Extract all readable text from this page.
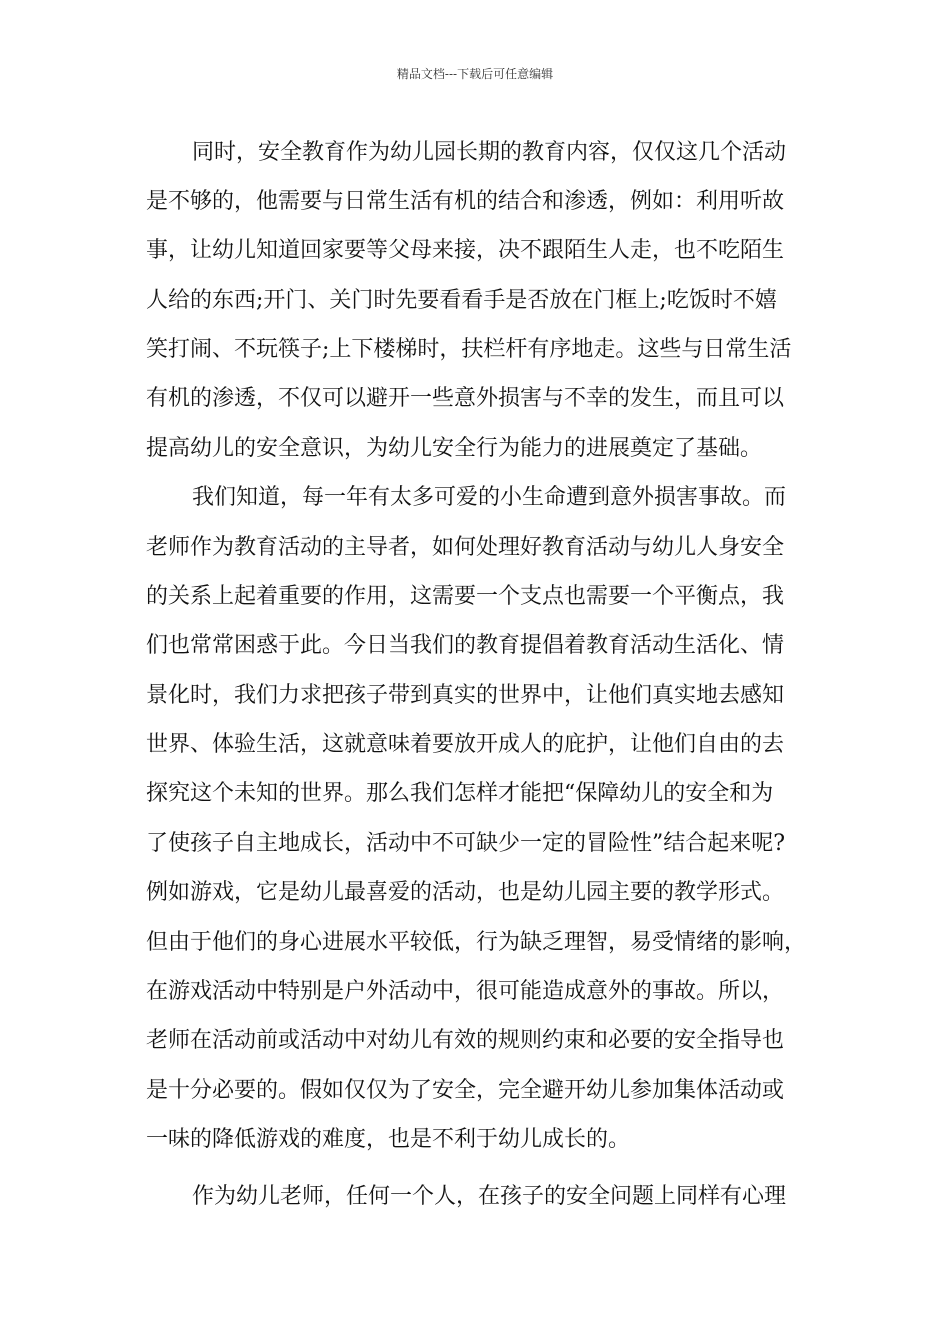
精品文档---下载后可任意编辑
同时，安全教育作为幼儿园长期的教育内容，仅仅这几个活动
是不够的，他需要与日常生活有机的结合和渗透，例如：利用听故
事，让幼儿知道回家要等父母来接，决不跟陌生人走，也不吃陌生
人给的东西;开门、关门时先要看看手是否放在门框上;吃饭时不嬉
笑打闹、不玩筷子;上下楼梯时，扶栏杆有序地走。这些与日常生活
有机的渗透，不仅可以避开一些意外损害与不幸的发生，而且可以
提高幼儿的安全意识，为幼儿安全行为能力的进展奠定了基础。
我们知道，每一年有太多可爱的小生命遭到意外损害事故。而
老师作为教育活动的主导者，如何处理好教育活动与幼儿人身安全
的关系上起着重要的作用，这需要一个支点也需要一个平衡点，我
们也常常困惑于此。今日当我们的教育提倡着教育活动生活化、情
景化时，我们力求把孩子带到真实的世界中，让他们真实地去感知
世界、体验生活，这就意味着要放开成人的庇护，让他们自由的去
探究这个未知的世界。那么我们怎样才能把“保障幼儿的安全和为
了使孩子自主地成长，活动中不可缺少一定的冒险性”结合起来呢?
例如游戏，它是幼儿最喜爱的活动，也是幼儿园主要的教学形式。
但由于他们的身心进展水平较低，行为缺乏理智，易受情绪的影响，
在游戏活动中特别是户外活动中，很可能造成意外的事故。所以，
老师在活动前或活动中对幼儿有效的规则约束和必要的安全指导也
是十分必要的。假如仅仅为了安全，完全避开幼儿参加集体活动或
一味的降低游戏的难度，也是不利于幼儿成长的。
作为幼儿老师，任何一个人，在孩子的安全问题上同样有心理
